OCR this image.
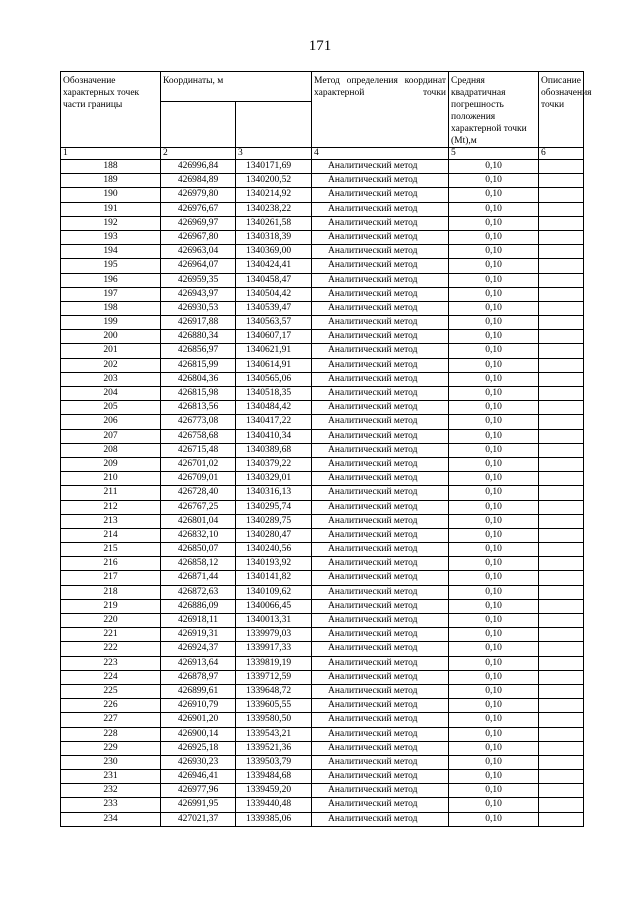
171
Обозначение характерных точек части границы	Координаты, м		Метод определения координат характерной точки	Средняя квадратичная погрешность положения характерной точки (Mt),м	Описание обозначения точки

1	2	3	4	5	6
188	426996,84	1340171,69	Аналитический метод	0,10	
189	426984,89	1340200,52	Аналитический метод	0,10	
190	426979,80	1340214,92	Аналитический метод	0,10	
191	426976,67	1340238,22	Аналитический метод	0,10	
192	426969,97	1340261,58	Аналитический метод	0,10	
193	426967,80	1340318,39	Аналитический метод	0,10	
194	426963,04	1340369,00	Аналитический метод	0,10	
195	426964,07	1340424,41	Аналитический метод	0,10	
196	426959,35	1340458,47	Аналитический метод	0,10	
197	426943,97	1340504,42	Аналитический метод	0,10	
198	426930,53	1340539,47	Аналитический метод	0,10	
199	426917,88	1340563,57	Аналитический метод	0,10	
200	426880,34	1340607,17	Аналитический метод	0,10	
201	426856,97	1340621,91	Аналитический метод	0,10	
202	426815,99	1340614,91	Аналитический метод	0,10	
203	426804,36	1340565,06	Аналитический метод	0,10	
204	426815,98	1340518,35	Аналитический метод	0,10	
205	426813,56	1340484,42	Аналитический метод	0,10	
206	426773,08	1340417,22	Аналитический метод	0,10	
207	426758,68	1340410,34	Аналитический метод	0,10	
208	426715,48	1340389,68	Аналитический метод	0,10	
209	426701,02	1340379,22	Аналитический метод	0,10	
210	426709,01	1340329,01	Аналитический метод	0,10	
211	426728,40	1340316,13	Аналитический метод	0,10	
212	426767,25	1340295,74	Аналитический метод	0,10	
213	426801,04	1340289,75	Аналитический метод	0,10	
214	426832,10	1340280,47	Аналитический метод	0,10	
215	426850,07	1340240,56	Аналитический метод	0,10	
216	426858,12	1340193,92	Аналитический метод	0,10	
217	426871,44	1340141,82	Аналитический метод	0,10	
218	426872,63	1340109,62	Аналитический метод	0,10	
219	426886,09	1340066,45	Аналитический метод	0,10	
220	426918,11	1340013,31	Аналитический метод	0,10	
221	426919,31	1339979,03	Аналитический метод	0,10	
222	426924,37	1339917,33	Аналитический метод	0,10	
223	426913,64	1339819,19	Аналитический метод	0,10	
224	426878,97	1339712,59	Аналитический метод	0,10	
225	426899,61	1339648,72	Аналитический метод	0,10	
226	426910,79	1339605,55	Аналитический метод	0,10	
227	426901,20	1339580,50	Аналитический метод	0,10	
228	426900,14	1339543,21	Аналитический метод	0,10	
229	426925,18	1339521,36	Аналитический метод	0,10	
230	426930,23	1339503,79	Аналитический метод	0,10	
231	426946,41	1339484,68	Аналитический метод	0,10	
232	426977,96	1339459,20	Аналитический метод	0,10	
233	426991,95	1339440,48	Аналитический метод	0,10	
234	427021,37	1339385,06	Аналитический метод	0,10	
